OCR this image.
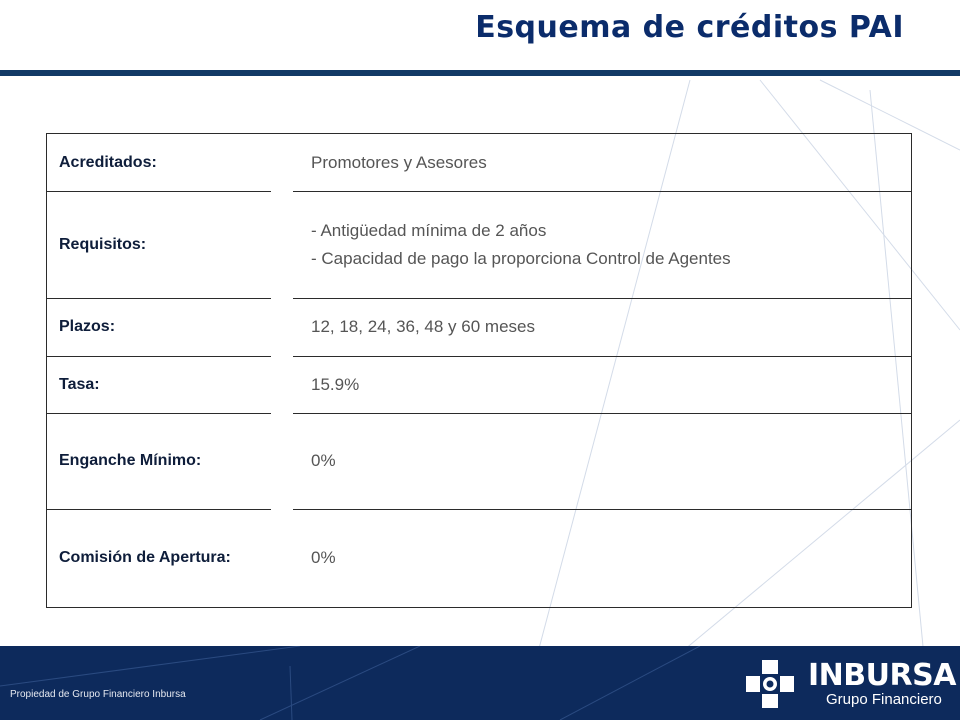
Esquema de créditos PAI
Acreditados:	Promotores y Asesores
Requisitos:
- Antigüedad mínima de 2 años
- Capacidad de pago la proporciona Control de Agentes
Plazos:	12, 18, 24, 36, 48 y 60 meses
Tasa:	15.9%
Enganche Mínimo:	0%
Comisión de Apertura:	0%
Propiedad de Grupo Financiero Inbursa
INBURSA
Grupo Financiero
